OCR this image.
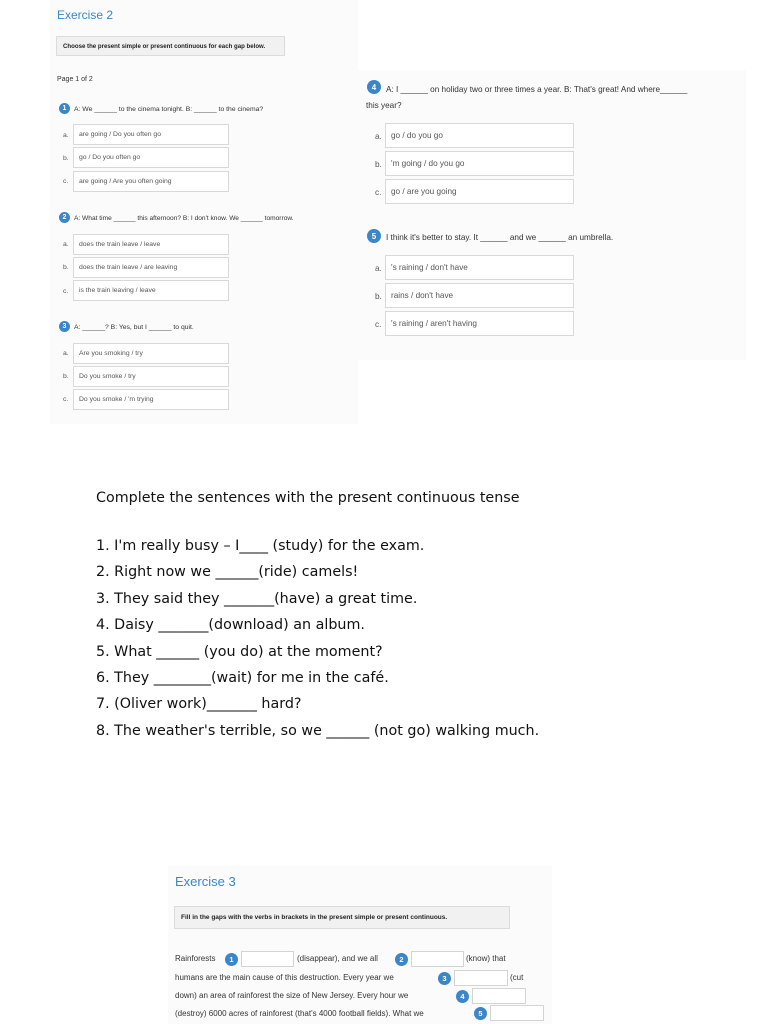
Exercise 2
Choose the present simple or present continuous for each gap below.
Page 1 of 2
1	A: We ______ to the cinema tonight. B: ______ to the cinema?
a.	are going / Do you often go
b.	go / Do you often go
c.	are going / Are you often going
2	A: What time ______ this afternoon? B: I don't know. We ______ tomorrow.
a.	does the train leave / leave
b.	does the train leave / are leaving
c.	is the train leaving / leave
3	A: ______? B: Yes, but I ______ to quit.
a.	Are you smoking / try
b.	Do you smoke / try
c.	Do you smoke / 'm trying
4	A: I ______ on holiday two or three times a year. B: That's great! And where______
this year?
a.	go / do you go
b.	'm going / do you go
c.	go / are you going
5	I think it's better to stay. It ______ and we ______ an umbrella.
a.	's raining / don't have
b.	rains / don't have
c.	's raining / aren't having
Complete the sentences with the present continuous tense
1. I'm really busy – I____ (study) for the exam.
2. Right now we ______(ride) camels!
3. They said they _______(have) a great time.
4. Daisy _______(download) an album.
5. What ______ (you do) at the moment?
6. They ________(wait) for me in the café.
7. (Oliver work)_______ hard?
8. The weather's terrible, so we ______ (not go) walking much.
Exercise 3
Fill in the gaps with the verbs in brackets in the present simple or present continuous.
Rainforests	1	(disappear), and we all	2	(know) that
humans are the main cause of this destruction. Every year we	3	(cut
down) an area of rainforest the size of New Jersey. Every hour we	4
(destroy) 6000 acres of rainforest (that's 4000 football fields). What we	5
